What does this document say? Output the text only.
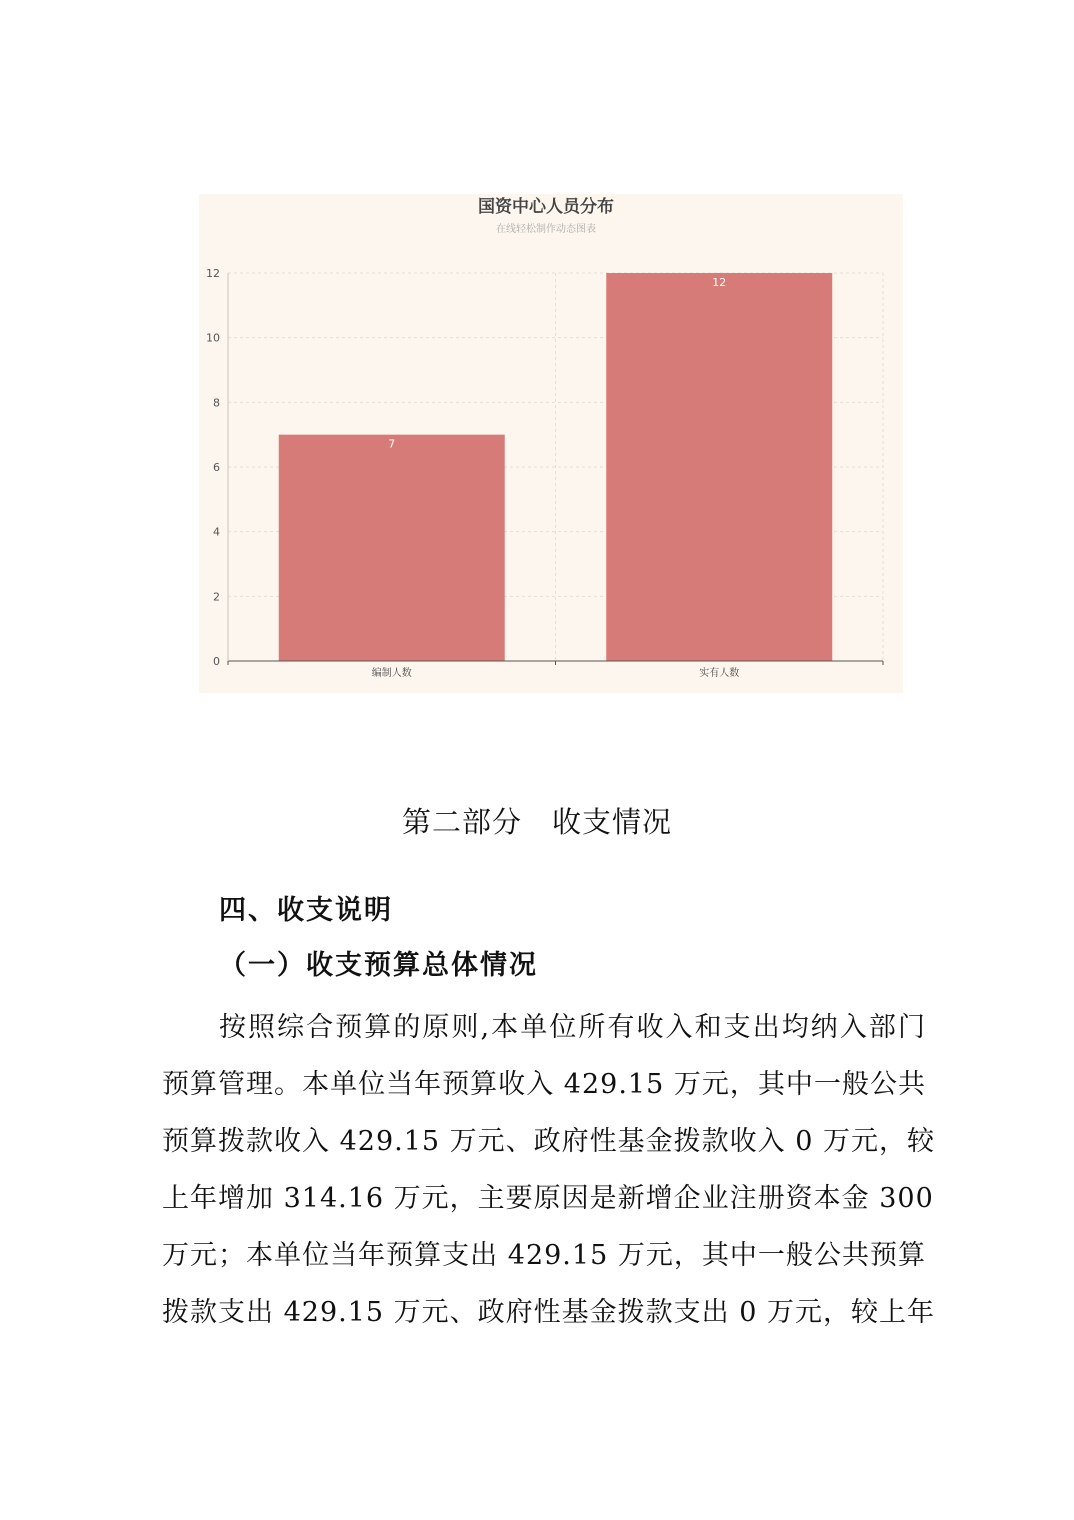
7
12
0
2
4
6
8
10
12
编制人数	实有人数
国资中心人员分布
在线轻松制作动态图表
第二部分　收支情况
四、收支说明
（一）收支预算总体情况
按照综合预算的原则,本单位所有收入和支出均纳入部门
预算管理。本单位当年预算收入 429.15 万元，其中一般公共
预算拨款收入 429.15 万元、政府性基金拨款收入 0 万元，较
上年增加 314.16 万元，主要原因是新增企业注册资本金 300
万元；本单位当年预算支出 429.15 万元，其中一般公共预算
拨款支出 429.15 万元、政府性基金拨款支出 0 万元，较上年
